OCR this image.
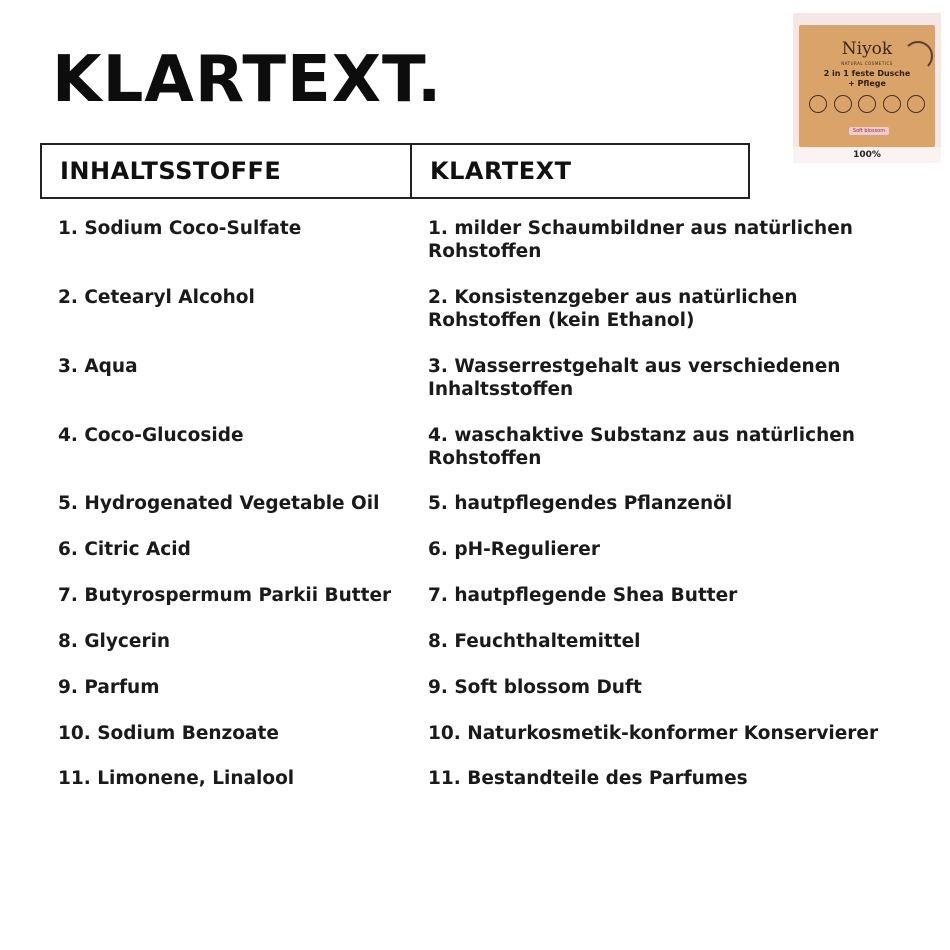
KLARTEXT.	Niyok
NATURAL COSMETICS
2 in 1 feste Dusche
+ Pflege
Soft blossom
100%
INHALTSSTOFFE	KLARTEXT
1. Sodium Coco-Sulfate	1. milder Schaumbildner aus natürlichen Rohstoffen
2. Cetearyl Alcohol	2. Konsistenzgeber aus natürlichen Rohstoffen (kein Ethanol)
3. Aqua	3. Wasserrestgehalt aus verschiedenen Inhaltsstoffen
4. Coco-Glucoside	4. waschaktive Substanz aus natürlichen Rohstoffen
5. Hydrogenated Vegetable Oil	5. hautpflegendes Pflanzenöl
6. Citric Acid	6. pH-Regulierer
7. Butyrospermum Parkii Butter	7. hautpflegende Shea Butter
8. Glycerin	8. Feuchthaltemittel
9. Parfum	9. Soft blossom Duft
10. Sodium Benzoate	10. Naturkosmetik-konformer Konservierer
11. Limonene, Linalool	11. Bestandteile des Parfumes
